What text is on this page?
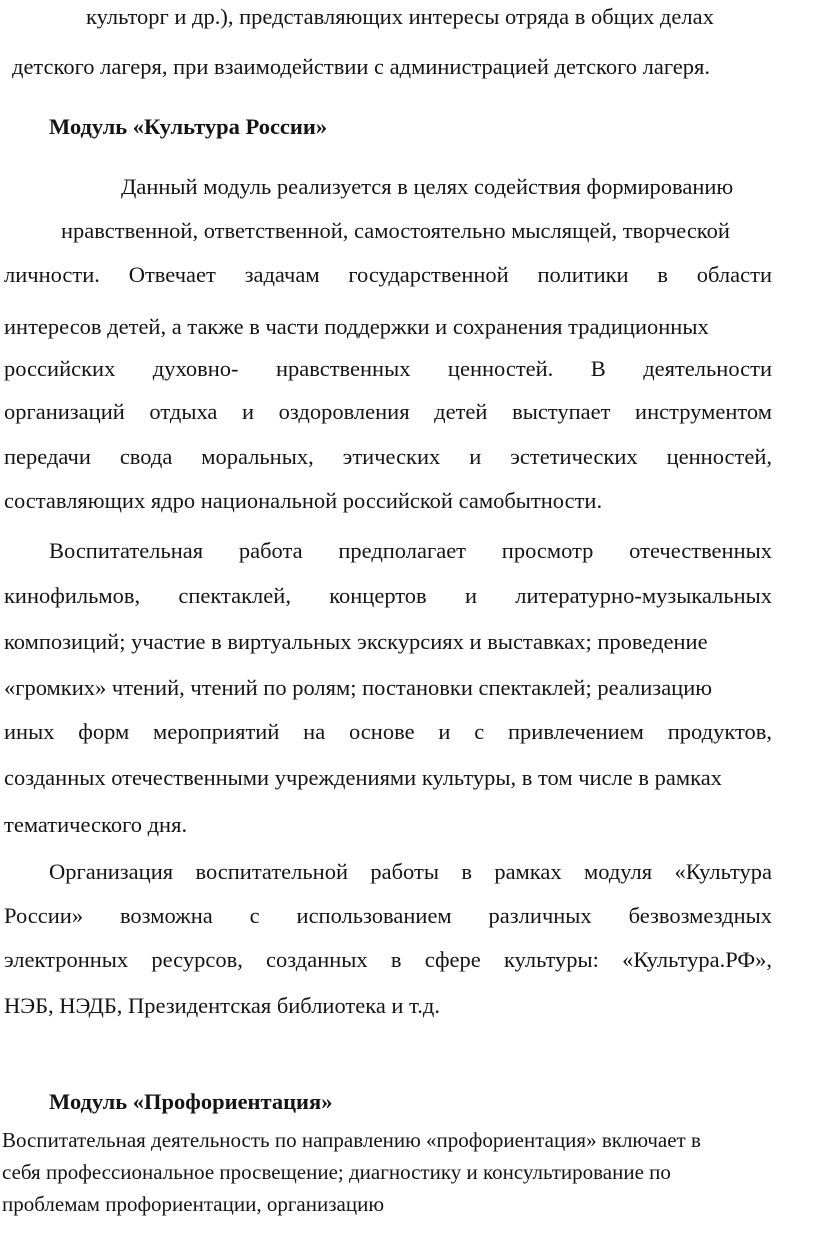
культорг и др.), представляющих интересы отряда в общих делах
детского лагеря, при взаимодействии с администрацией детского лагеря.
Модуль «Культура России»
Данный модуль реализуется в целях содействия формированию
нравственной, ответственной, самостоятельно мыслящей, творческой
личности. Отвечает задачам государственной политики в области
интересов детей, а также в части поддержки и сохранения традиционных
российских духовно- нравственных ценностей. В деятельности
организаций отдыха и оздоровления детей выступает инструментом
передачи свода моральных, этических и эстетических ценностей,
составляющих ядро национальной российской самобытности.
Воспитательная работа предполагает просмотр отечественных
кинофильмов, спектаклей, концертов и литературно-музыкальных
композиций; участие в виртуальных экскурсиях и выставках; проведение
«громких» чтений, чтений по ролям; постановки спектаклей; реализацию
иных форм мероприятий на основе и с привлечением продуктов,
созданных отечественными учреждениями культуры, в том числе в рамках
тематического дня.
Организация воспитательной работы в рамках модуля «Культура
России» возможна с использованием различных безвозмездных
электронных ресурсов, созданных в сфере культуры: «Культура.РФ»,
НЭБ, НЭДБ, Президентская библиотека и т.д.
Модуль «Профориентация»
Воспитательная деятельность по направлению «профориентация» включает в
себя профессиональное просвещение; диагностику и консультирование по
проблемам профориентации, организацию
